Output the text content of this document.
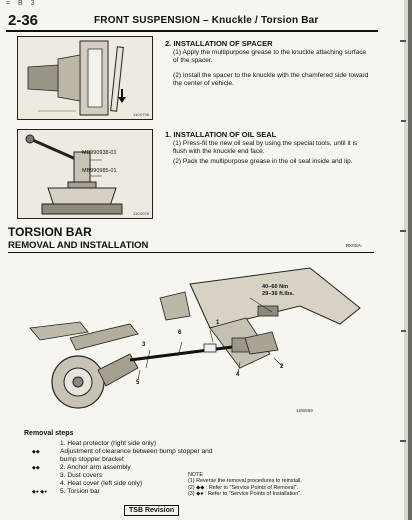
= B 3
2-36	FRONT SUSPENSION – Knuckle / Torsion Bar
11C0735
2. INSTALLATION OF SPACER
(1) Apply the multipurpose grease to the knuckle attaching surface of the spacer.
(2) Install the spacer to the knuckle with the chamfered side toward the center of vehicle.
MB990938-01
MB990985-01
11C0078
1. INSTALLATION OF OIL SEAL
(1) Press-fit the new oil seal by using the special tools, until it is flush with the knuckle end face.
(2) Pack the multipurpose grease in the oil seal inside and lip.
TORSION BAR
REMOVAL AND INSTALLATION	RK0SA-
40–60 Nm
29–36 ft.lbs.
1
2
3
4
5
6
12W559
Removal steps
1. Heat protector (right side only)
◆◆	Adjustment of clearance between bump stopper and bump stopper bracket
◆◆	2. Anchor arm assembly
3. Dust covers
4. Heat cover (left side only)
◆● ◆● 5. Torsion bar
NOTE
(1) Reverse the removal procedures to reinstall.
(2) ◆◆ : Refer to "Service Points of Removal".
(3) ◆● : Refer to "Service Points of Installation".
TSB Revision
